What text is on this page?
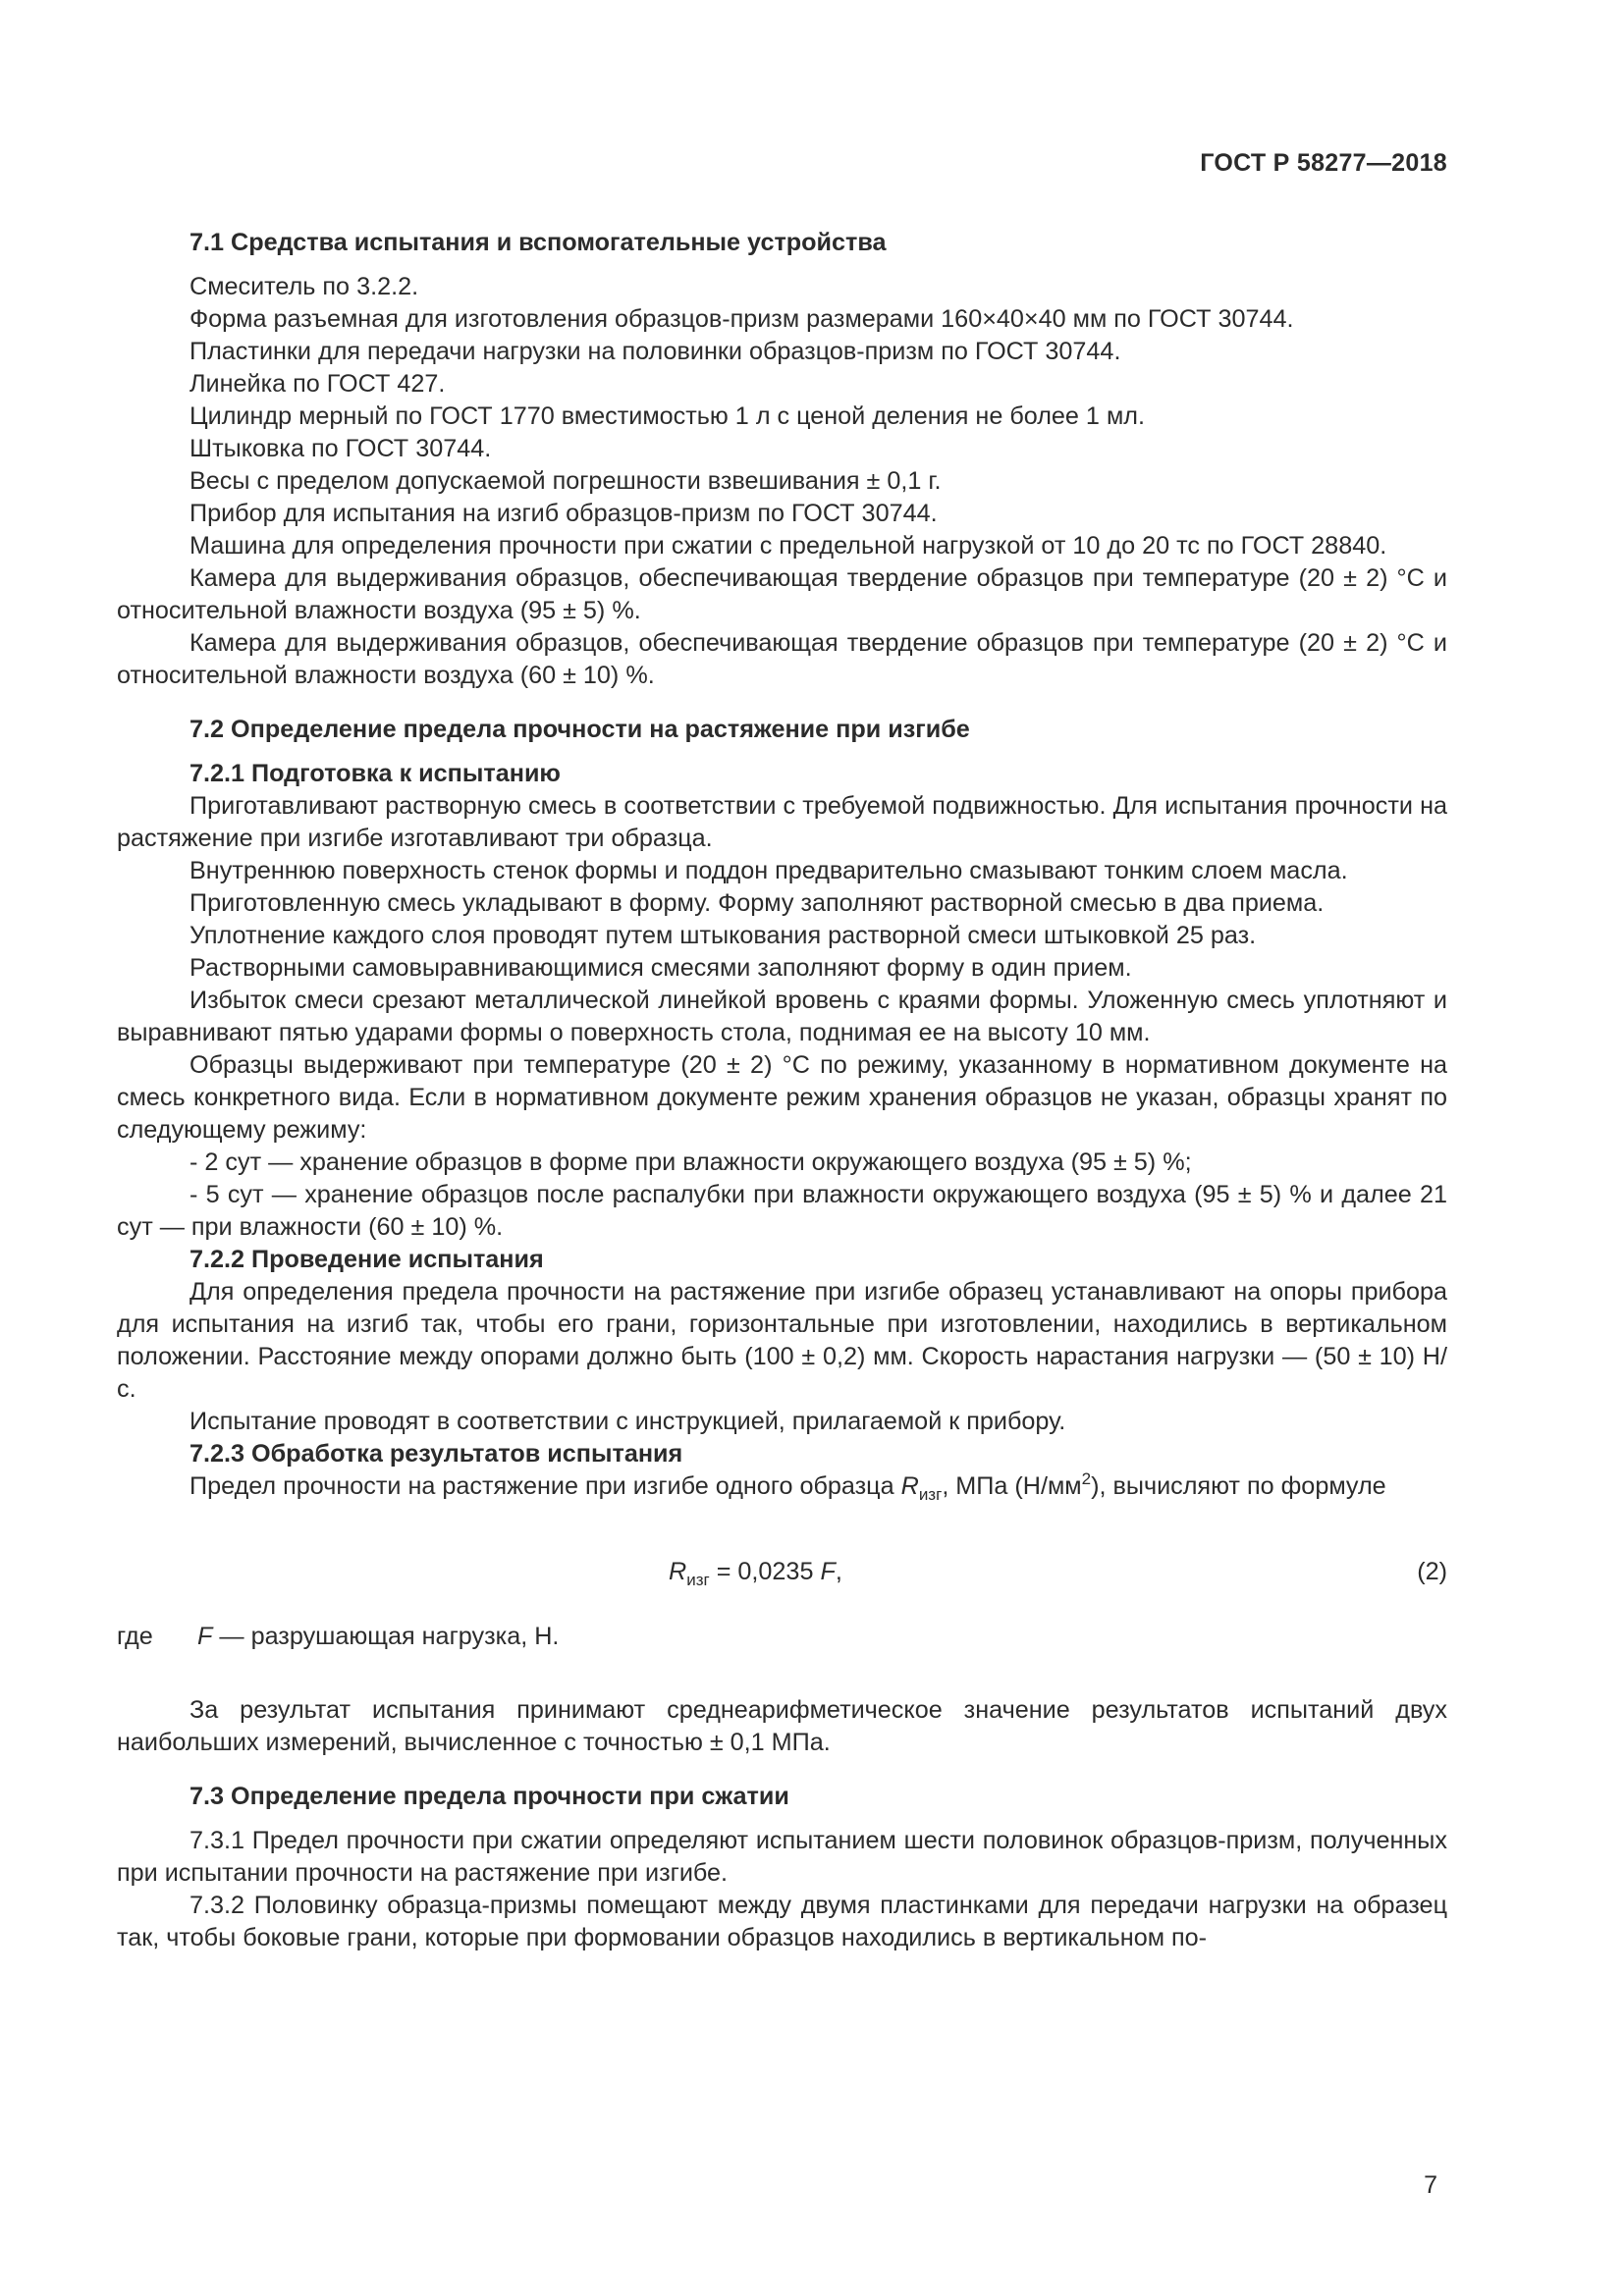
ГОСТ Р 58277—2018

7.1 Средства испытания и вспомогательные устройства

Смеситель по 3.2.2.

Форма разъемная для изготовления образцов-призм размерами 160×40×40 мм по ГОСТ 30744.

Пластинки для передачи нагрузки на половинки образцов-призм по ГОСТ 30744.

Линейка по ГОСТ 427.

Цилиндр мерный по ГОСТ 1770 вместимостью 1 л с ценой деления не более 1 мл.

Штыковка по ГОСТ 30744.

Весы с пределом допускаемой погрешности взвешивания ± 0,1 г.

Прибор для испытания на изгиб образцов-призм по ГОСТ 30744.

Машина для определения прочности при сжатии с предельной нагрузкой от 10 до 20 тс по ГОСТ 28840.

Камера для выдерживания образцов, обеспечивающая твердение образцов при температуре (20 ± 2) °С и относительной влажности воздуха (95 ± 5) %.

Камера для выдерживания образцов, обеспечивающая твердение образцов при температуре (20 ± 2) °С и относительной влажности воздуха (60 ± 10) %.

7.2 Определение предела прочности на растяжение при изгибе

7.2.1 Подготовка к испытанию

Приготавливают растворную смесь в соответствии с требуемой подвижностью. Для испытания прочности на растяжение при изгибе изготавливают три образца.

Внутреннюю поверхность стенок формы и поддон предварительно смазывают тонким слоем масла.

Приготовленную смесь укладывают в форму. Форму заполняют растворной смесью в два приема.

Уплотнение каждого слоя проводят путем штыкования растворной смеси штыковкой 25 раз.

Растворными самовыравнивающимися смесями заполняют форму в один прием.

Избыток смеси срезают металлической линейкой вровень с краями формы. Уложенную смесь уплотняют и выравнивают пятью ударами формы о поверхность стола, поднимая ее на высоту 10 мм.

Образцы выдерживают при температуре (20 ± 2) °С по режиму, указанному в нормативном документе на смесь конкретного вида. Если в нормативном документе режим хранения образцов не указан, образцы хранят по следующему режиму:

- 2 сут — хранение образцов в форме при влажности окружающего воздуха (95 ± 5) %;

- 5 сут — хранение образцов после распалубки при влажности окружающего воздуха (95 ± 5) % и далее 21 сут — при влажности (60 ± 10) %.

7.2.2 Проведение испытания

Для определения предела прочности на растяжение при изгибе образец устанавливают на опоры прибора для испытания на изгиб так, чтобы его грани, горизонтальные при изготовлении, находились в вертикальном положении. Расстояние между опорами должно быть (100 ± 0,2) мм. Скорость нарастания нагрузки — (50 ± 10) Н/с.

Испытание проводят в соответствии с инструкцией, прилагаемой к прибору.

7.2.3 Обработка результатов испытания

Предел прочности на растяжение при изгибе одного образца $R_{изг}$, МПа $(Н/мм^2)$, вычисляют по формуле

$R_{изг} = 0,0235$ F,	(2)
где	F — разрушающая нагрузка, Н.

За результат испытания принимают среднеарифметическое значение результатов испытаний двух наибольших измерений, вычисленное с точностью ± 0,1 МПа.

7.3 Определение предела прочности при сжатии

7.3.1 Предел прочности при сжатии определяют испытанием шести половинок образцов-призм, полученных при испытании прочности на растяжение при изгибе.

7.3.2 Половинку образца-призмы помещают между двумя пластинками для передачи нагрузки на образец так, чтобы боковые грани, которые при формовании образцов находились в вертикальном по-

7
